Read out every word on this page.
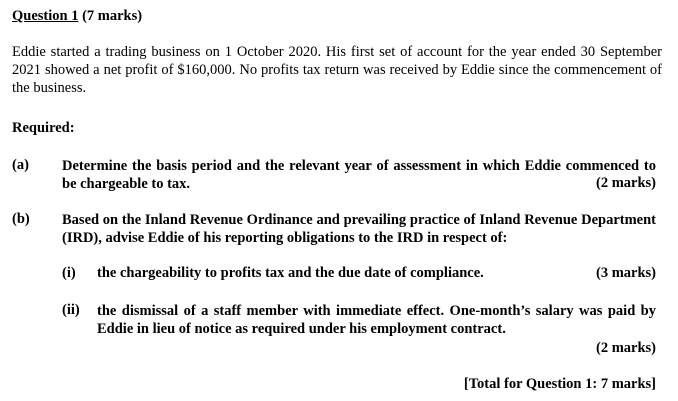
Question 1 (7 marks)
Eddie started a trading business on 1 October 2020. His first set of account for the year ended 30 September 2021 showed a net profit of $160,000. No profits tax return was received by Eddie since the commencement of the business.
Required:
(a) Determine the basis period and the relevant year of assessment in which Eddie commenced to be chargeable to tax.	(2 marks)
(b) Based on the Inland Revenue Ordinance and prevailing practice of Inland Revenue Department (IRD), advise Eddie of his reporting obligations to the IRD in respect of:
(i) the chargeability to profits tax and the due date of compliance.	(3 marks)
(ii) the dismissal of a staff member with immediate effect. One-month’s salary was paid by Eddie in lieu of notice as required under his employment contract.
(2 marks)
[Total for Question 1: 7 marks]
